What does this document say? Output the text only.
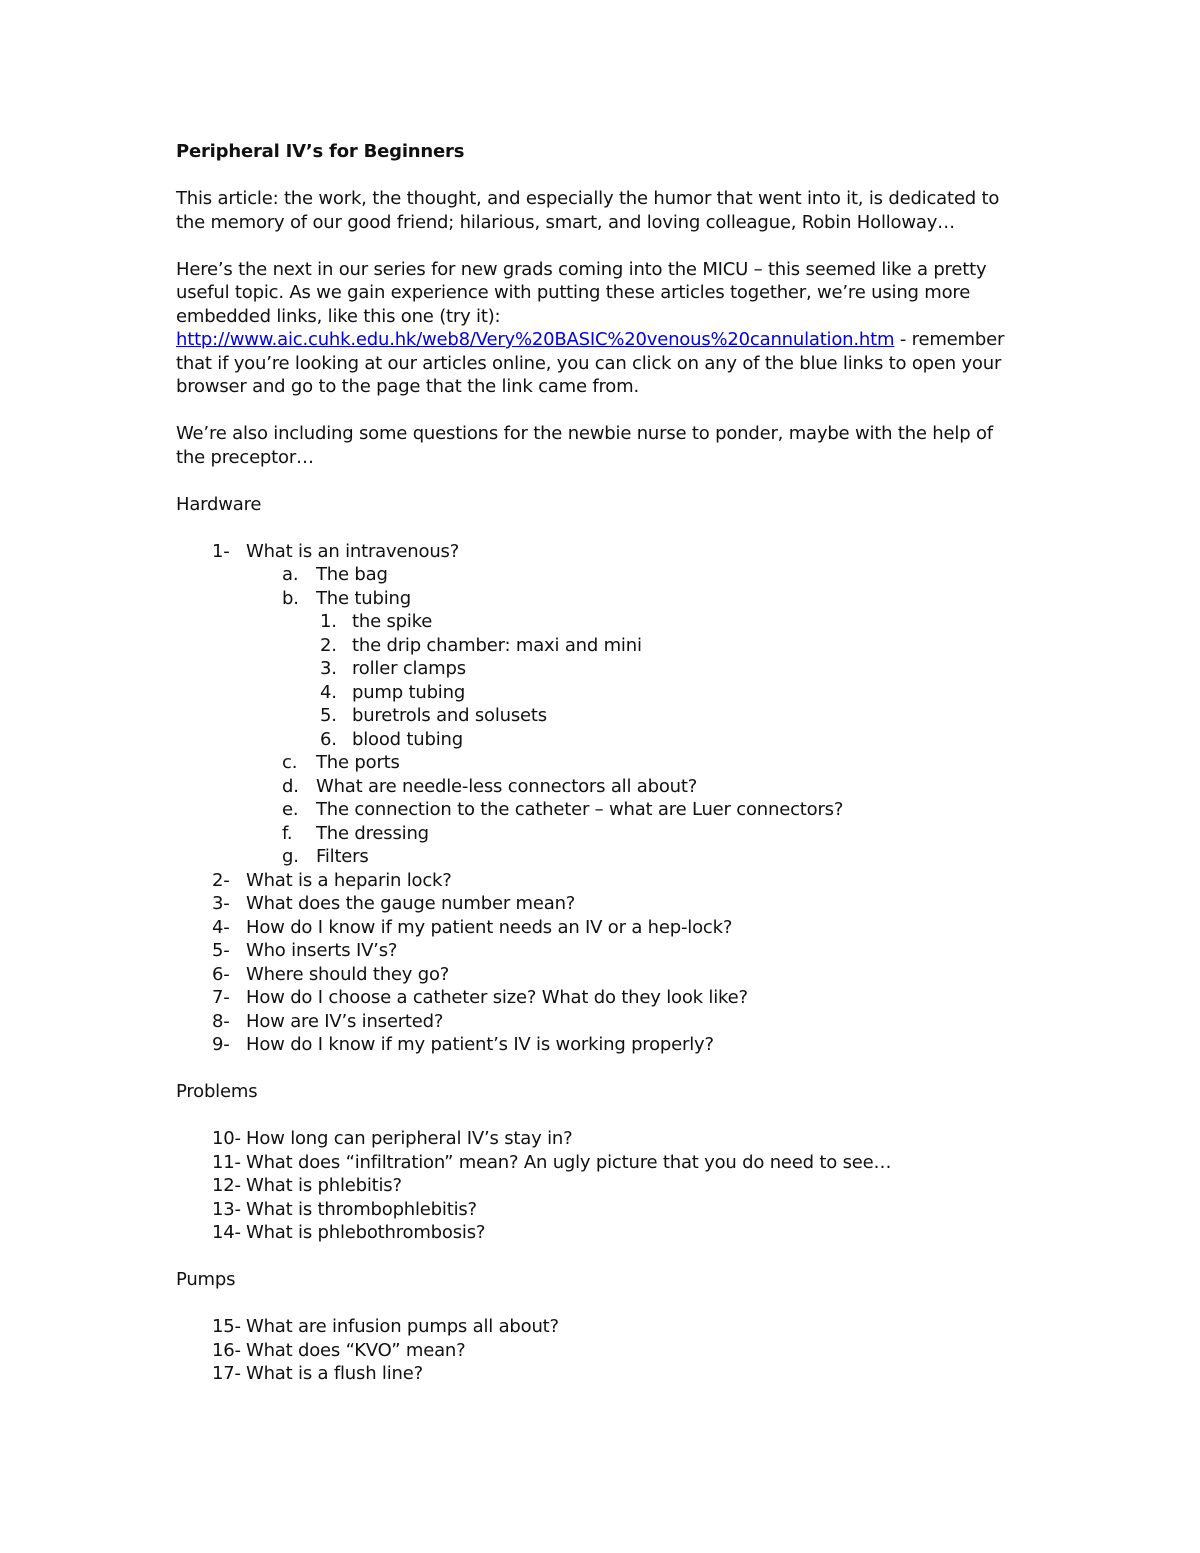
Peripheral IV’s for Beginners

This article: the work, the thought, and especially the humor that went into it, is dedicated to the memory of our good friend; hilarious, smart, and loving colleague, Robin Holloway…

Here’s the next in our series for new grads coming into the MICU – this seemed like a pretty useful topic. As we gain experience with putting these articles together, we’re using more embedded links, like this one (try it): http://www.aic.cuhk.edu.hk/web8/Very%20BASIC%20venous%20cannulation.htm - remember that if you’re looking at our articles online, you can click on any of the blue links to open your browser and go to the page that the link came from.

We’re also including some questions for the newbie nurse to ponder, maybe with the help of the preceptor…

Hardware
1- What is an intravenous?
a. The bag
b. The tubing
1. the spike
2. the drip chamber: maxi and mini
3. roller clamps
4. pump tubing
5. buretrols and solusets
6. blood tubing
c. The ports
d. What are needle-less connectors all about?
e. The connection to the catheter – what are Luer connectors?
f. The dressing
g. Filters
2- What is a heparin lock?
3- What does the gauge number mean?
4- How do I know if my patient needs an IV or a hep-lock?
5- Who inserts IV’s?
6- Where should they go?
7- How do I choose a catheter size? What do they look like?
8- How are IV’s inserted?
9- How do I know if my patient’s IV is working properly?
Problems
10- How long can peripheral IV’s stay in?
11- What does “infiltration” mean? An ugly picture that you do need to see…
12- What is phlebitis?
13- What is thrombophlebitis?
14- What is phlebothrombosis?
Pumps
15- What are infusion pumps all about?
16- What does “KVO” mean?
17- What is a flush line?
